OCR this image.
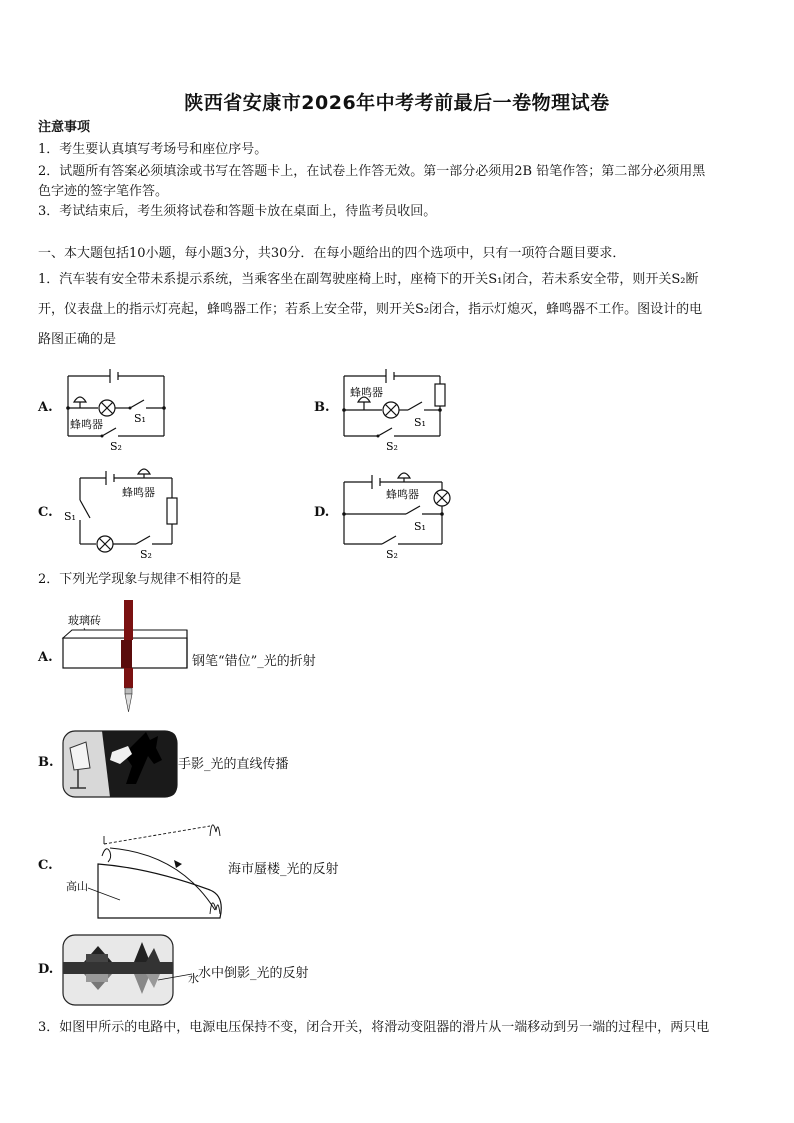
陕西省安康市2026年中考考前最后一卷物理试卷
注意事项
1．考生要认真填写考场号和座位序号。
2．试题所有答案必须填涂或书写在答题卡上，在试卷上作答无效。第一部分必须用2B 铅笔作答；第二部分必须用黑
色字迹的签字笔作答。
3．考试结束后，考生须将试卷和答题卡放在桌面上，待监考员收回。
一、本大题包括10小题，每小题3分，共30分．在每小题给出的四个选项中，只有一项符合题目要求．
1．汽车装有安全带未系提示系统，当乘客坐在副驾驶座椅上时，座椅下的开关S₁闭合，若未系安全带，则开关S₂断
开，仪表盘上的指示灯亮起，蜂鸣器工作；若系上安全带，则开关S₂闭合，指示灯熄灭，蜂鸣器不工作。图设计的电
路图正确的是
A.
蜂鸣器	S₁
S₂
B.
蜂鸣器
S₁
S₂
C.
蜂鸣器
S₁
S₂
D.
蜂鸣器
S₁
S₂
2．下列光学现象与规律不相符的是
A.
玻璃砖
钢笔“错位”_光的折射
B.	手影_光的直线传播
C.
高山
海市蜃楼_光的反射
D.
水 水中倒影_光的反射
3．如图甲所示的电路中，电源电压保持不变，闭合开关，将滑动变阻器的滑片从一端移动到另一端的过程中，两只电
